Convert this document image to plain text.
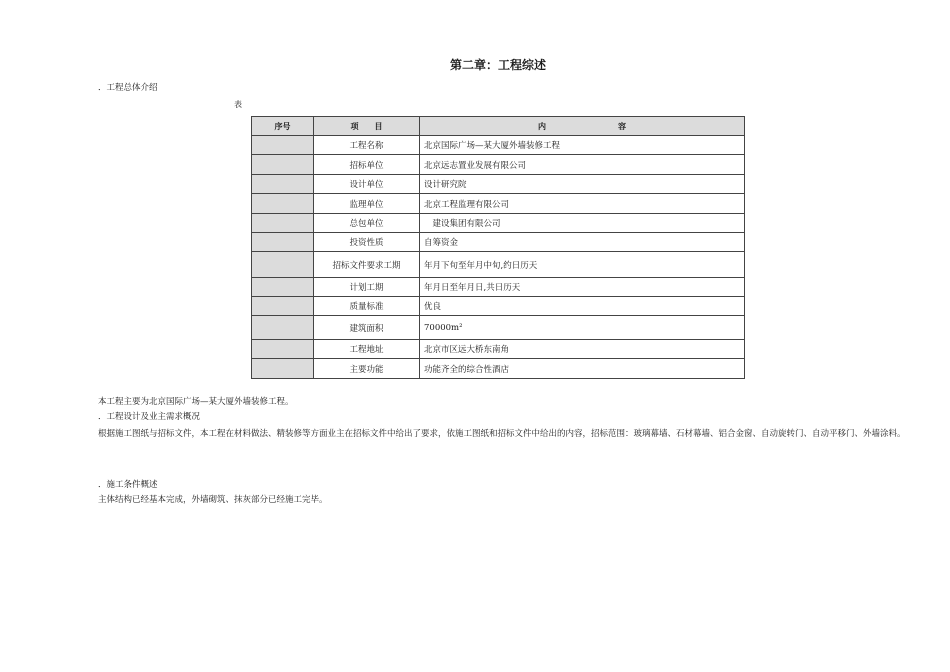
第二章：工程综述
．工程总体介绍
表
序号	项　　目	内　　　　　　　　　容
	工程名称	北京国际广场—某大厦外墙装修工程
	招标单位	北京远志置业发展有限公司
	设计单位	设计研究院
	监理单位	北京工程监理有限公司
	总包单位	　建设集团有限公司
	投资性质	自筹资金
	招标文件要求工期	年月下旬至年月中旬,约日历天
	计划工期	年月日至年月日,共日历天
	质量标准	优良
	建筑面积	70000m²
	工程地址	北京市区远大桥东南角
	主要功能	功能齐全的综合性酒店
本工程主要为北京国际广场—某大厦外墙装修工程。
．工程设计及业主需求概况
根据施工图纸与招标文件，本工程在材料做法、精装修等方面业主在招标文件中给出了要求，依施工图纸和招标文件中给出的内容，招标范围：玻璃幕墙、石材幕墙、铝合金窗、自动旋转门、自动平移门、外墙涂料。
．施工条件概述
主体结构已经基本完成，外墙砌筑、抹灰部分已经施工完毕。
